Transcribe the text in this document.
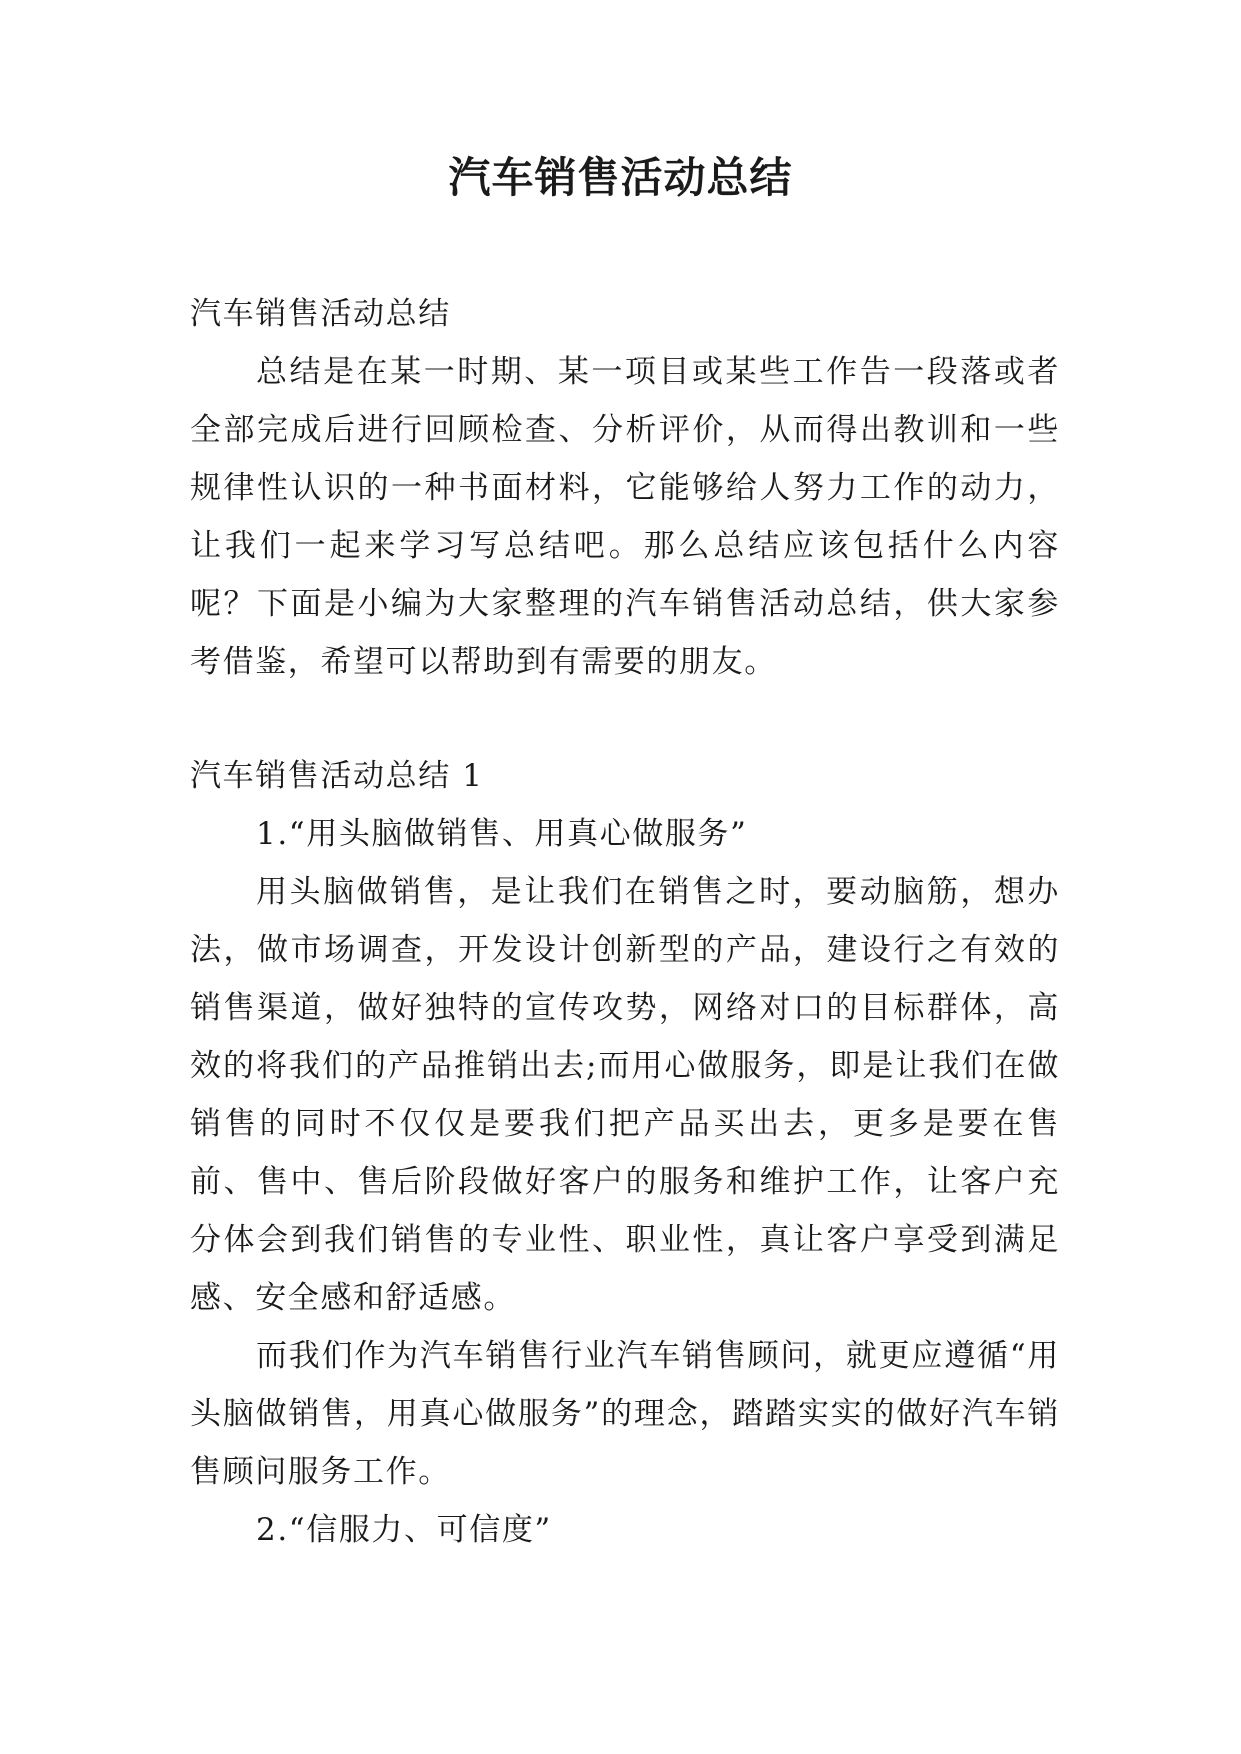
汽车销售活动总结

汽车销售活动总结

总结是在某一时期、某一项目或某些工作告一段落或者全部完成后进行回顾检查、分析评价，从而得出教训和一些规律性认识的一种书面材料，它能够给人努力工作的动力，让我们一起来学习写总结吧。那么总结应该包括什么内容呢？下面是小编为大家整理的汽车销售活动总结，供大家参考借鉴，希望可以帮助到有需要的朋友。

汽车销售活动总结 1

1.“用头脑做销售、用真心做服务”

用头脑做销售，是让我们在销售之时，要动脑筋，想办法，做市场调查，开发设计创新型的产品，建设行之有效的销售渠道，做好独特的宣传攻势，网络对口的目标群体，高效的将我们的产品推销出去;而用心做服务，即是让我们在做销售的同时不仅仅是要我们把产品买出去，更多是要在售前、售中、售后阶段做好客户的服务和维护工作，让客户充分体会到我们销售的专业性、职业性，真让客户享受到满足感、安全感和舒适感。

而我们作为汽车销售行业汽车销售顾问，就更应遵循“用头脑做销售，用真心做服务”的理念，踏踏实实的做好汽车销售顾问服务工作。

2.“信服力、可信度”
